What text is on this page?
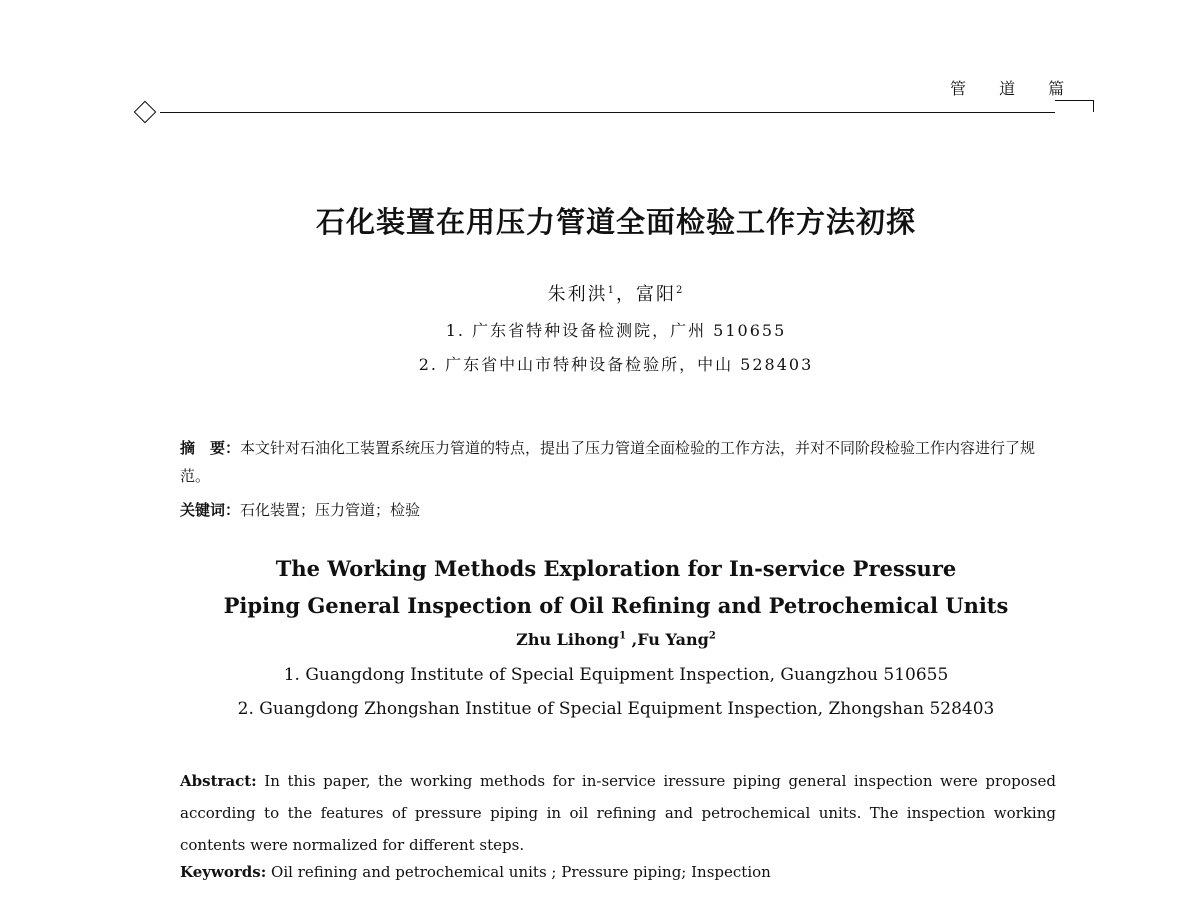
管 道 篇
石化装置在用压力管道全面检验工作方法初探
朱利洪$^1$，富阳$^2$
1. 广东省特种设备检测院，广州 510655
2. 广东省中山市特种设备检验所，中山 528403
摘　要：本文针对石油化工装置系统压力管道的特点，提出了压力管道全面检验的工作方法，并对不同阶段检验工作内容进行了规范。
关键词：石化装置；压力管道；检验
The Working Methods Exploration for In-service Pressure
Piping General Inspection of Oil Refining and Petrochemical Units
Zhu Lihong$^1$ ,Fu Yang$^2$
1. Guangdong Institute of Special Equipment Inspection, Guangzhou 510655
2. Guangdong Zhongshan Institue of Special Equipment Inspection, Zhongshan 528403
Abstract: In this paper, the working methods for in-service iressure piping general inspection were proposed according to the features of pressure piping in oil refining and petrochemical units. The inspection working contents were normalized for different steps.
Keywords: Oil refining and petrochemical units ; Pressure piping; Inspection
